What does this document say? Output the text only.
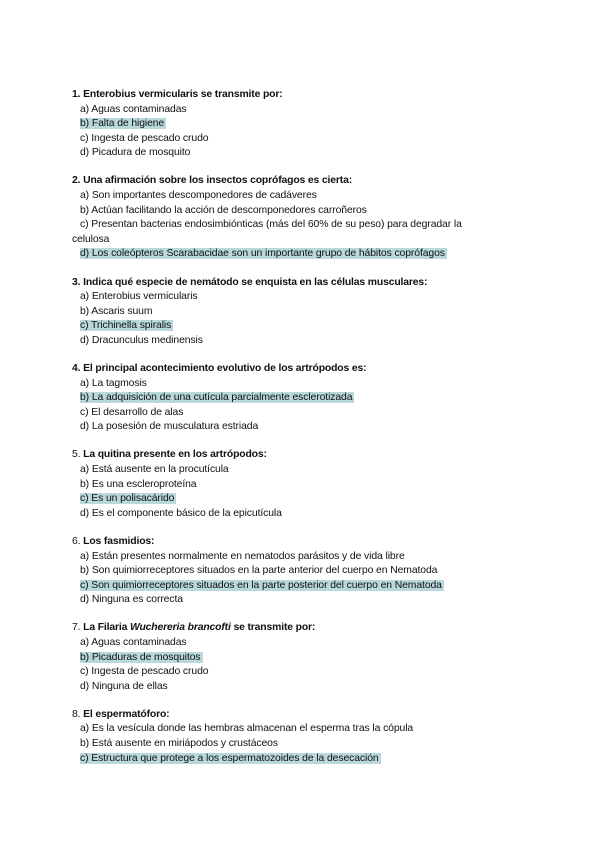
1. Enterobius vermicularis se transmite por:
a) Aguas contaminadas
b) Falta de higiene
c) Ingesta de pescado crudo
d) Picadura de mosquito
2. Una afirmación sobre los insectos coprófagos es cierta:
a) Son importantes descomponedores de cadáveres
b) Actúan facilitando la acción de descomponedores carroñeros
c) Presentan bacterias endosimbiónticas (más del 60% de su peso) para degradar la celulosa
d) Los coleópteros Scarabacidae son un importante grupo de hábitos coprófagos
3. Indica qué especie de nemátodo se enquista en las células musculares:
a) Enterobius vermicularis
b) Ascaris suum
c) Trichinella spiralis
d) Dracunculus medinensis
4. El principal acontecimiento evolutivo de los artrópodos es:
a) La tagmosis
b) La adquisición de una cutícula parcialmente esclerotizada
c) El desarrollo de alas
d) La posesión de musculatura estriada
5. La quitina presente en los artrópodos:
a) Está ausente en la procutícula
b) Es una escleroproteína
c) Es un polisacárido
d) Es el componente básico de la epicutícula
6. Los fasmidios:
a) Están presentes normalmente en nematodos parásitos y de vida libre
b) Son quimiorreceptores situados en la parte anterior del cuerpo en Nematoda
c) Son quimiorreceptores situados en la parte posterior del cuerpo en Nematoda
d) Ninguna es correcta
7. La Filaria Wuchereria brancofti se transmite por:
a) Aguas contaminadas
b) Picaduras de mosquitos
c) Ingesta de pescado crudo
d) Ninguna de ellas
8. El espermatóforo:
a) Es la vesícula donde las hembras almacenan el esperma tras la cópula
b) Está ausente en miriápodos y crustáceos
c) Estructura que protege a los espermatozoides de la desecación
